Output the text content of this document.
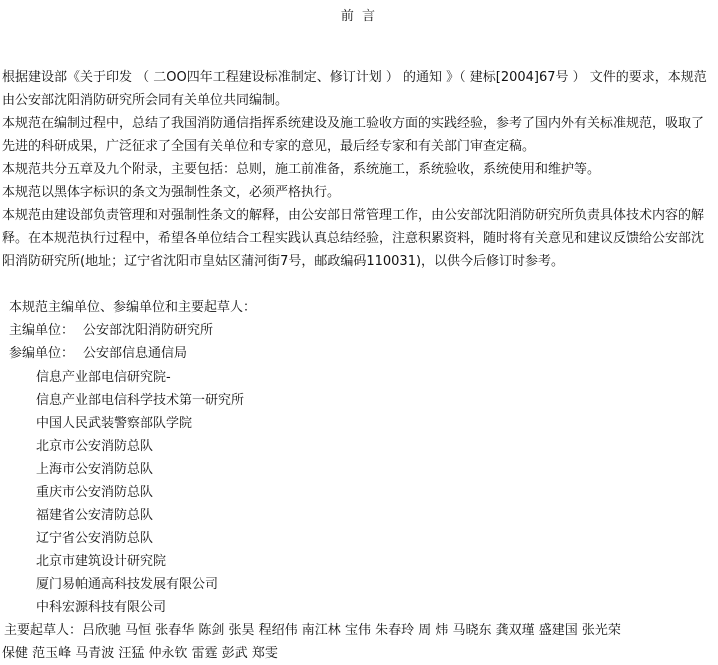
前 言

根据建设部《关于印发 （ 二OO四年工程建设标准制定、修订计划 ） 的通知 》（ 建标[2004]67号 ） 文件的要求，本规范由公安部沈阳消防研究所会同有关单位共同编制。

本规范在编制过程中，总结了我国消防通信指挥系统建设及施工验收方面的实践经验，参考了国内外有关标准规范，吸取了先进的科研成果，广泛征求了全国有关单位和专家的意见，最后经专家和有关部门审查定稿。

本规范共分五章及九个附录，主要包括：总则，施工前准备，系统施工，系统验收，系统使用和维护等。

本规范以黑体字标识的条文为强制性条文，必须严格执行。

本规范由建设部负责管理和对强制性条文的解释，由公安部日常管理工作，由公安部沈阳消防研究所负责具体技术内容的解释。在本规范执行过程中，希望各单位结合工程实践认真总结经验，注意积累资料，随时将有关意见和建议反馈给公安部沈阳消防研究所(地址；辽宁省沈阳市皇姑区蒲河街7号，邮政编码110031)，以供今后修订时参考。

本规范主编单位、参编单位和主要起草人：
主编单位： 公安部沈阳消防研究所
参编单位： 公安部信息通信局
信息产业部电信研究院-
信息产业部电信科学技术第一研究所
中国人民武装警察部队学院
北京市公安消防总队
上海市公安消防总队
重庆市公安消防总队
福建省公安清防总队
辽宁省公安消防总队
北京市建筑设计研究院
厦门易帕通高科技发展有限公司
中科宏源科技有限公司
主要起草人：吕欣驰 马恒 张春华 陈剑 张昊 程绍伟 南江林 宝伟 朱春玲 周 炜 马晓东 龚双瑾 盛建国 张光荣
保健 范玉峰 马青波 汪猛 仲永钦 雷霆 彭武 郑雯
